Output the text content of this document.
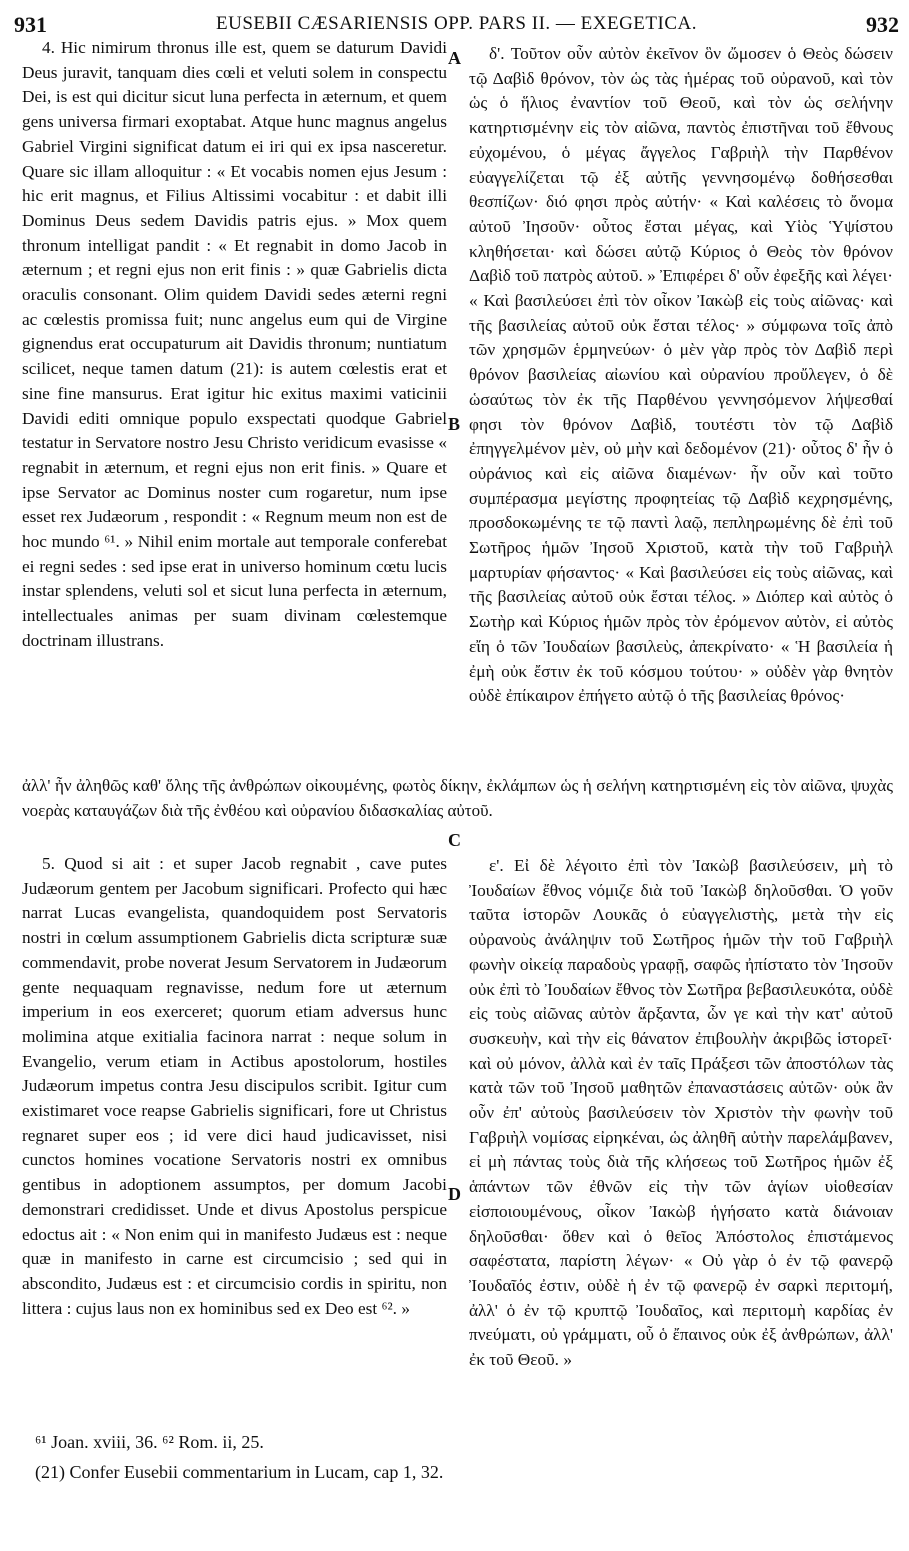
931	EUSEBII CÆSARIENSIS OPP. PARS II. — EXEGETICA.	932

4. Hic nimirum thronus ille est, quem se daturum Davidi Deus juravit, tanquam dies cœli et veluti solem in conspectu Dei, is est qui dicitur sicut luna perfecta in æternum, et quem gens universa firmari exoptabat. Atque hunc magnus angelus Gabriel Virgini significat datum ei iri qui ex ipsa nasceretur. Quare sic illam alloquitur : « Et vocabis nomen ejus Jesum : hic erit magnus, et Filius Altissimi vocabitur : et dabit illi Dominus Deus sedem Davidis patris ejus. » Mox quem thronum intelligat pandit : « Et regnabit in domo Jacob in æternum ; et regni ejus non erit finis : » quæ Gabrielis dicta oraculis consonant. Olim quidem Davidi sedes æterni regni ac cœlestis promissa fuit; nunc angelus eum qui de Virgine gignendus erat occupaturum ait Davidis thronum; nuntiatum scilicet, neque tamen datum (21): is autem cœlestis erat et sine fine mansurus. Erat igitur hic exitus maximi vaticinii Davidi editi omnique populo exspectati quodque Gabriel testatur in Servatore nostro Jesu Christo veridicum evasisse « regnabit in æternum, et regni ejus non erit finis. » Quare et ipse Servator ac Dominus noster cum rogaretur, num ipse esset rex Judæorum , respondit : « Regnum meum non est de hoc mundo ⁶¹. » Nihil enim mortale aut temporale conferebat ei regni sedes : sed ipse erat in universo hominum cœtu lucis instar splendens, veluti sol et sicut luna perfecta in æternum, intellectuales animas per suam divinam cœlestemque doctrinam illustrans.

δ'. Τοῦτον οὖν αὐτὸν ἐκεῖνον ὃν ὤμοσεν ὁ Θεὸς δώσειν τῷ Δαβὶδ θρόνον, τὸν ὡς τὰς ἡμέρας τοῦ οὐρανοῦ, καὶ τὸν ὡς ὁ ἥλιος ἐναντίον τοῦ Θεοῦ, καὶ τὸν ὡς σελήνην κατηρτισμένην εἰς τὸν αἰῶνα, παντὸς ἐπιστῆναι τοῦ ἔθνους εὐχομένου, ὁ μέγας ἄγγελος Γαβριὴλ τὴν Παρθένον εὐαγγελίζεται τῷ ἐξ αὐτῆς γεννησομένῳ δοθήσεσθαι θεσπίζων· διό φησι πρὸς αὐτήν· « Καὶ καλέσεις τὸ ὄνομα αὐτοῦ Ἰησοῦν· οὗτος ἔσται μέγας, καὶ Υἱὸς Ὑψίστου κληθήσεται· καὶ δώσει αὐτῷ Κύριος ὁ Θεὸς τὸν θρόνον Δαβὶδ τοῦ πατρὸς αὐτοῦ. » Ἐπιφέρει δ' οὖν ἐφεξῆς καὶ λέγει· « Καὶ βασιλεύσει ἐπὶ τὸν οἶκον Ἰακὼβ εἰς τοὺς αἰῶνας· καὶ τῆς βασιλείας αὐτοῦ οὐκ ἔσται τέλος· » σύμφωνα τοῖς ἀπὸ τῶν χρησμῶν ἑρμηνεύων· ὁ μὲν γὰρ πρὸς τὸν Δαβὶδ περὶ θρόνον βασιλείας αἰωνίου καὶ οὐρανίου προὔλεγεν, ὁ δὲ ὡσαύτως τὸν ἐκ τῆς Παρθένου γεννησόμενον λήψεσθαί φησι τὸν θρόνον Δαβὶδ, τουτέστι τὸν τῷ Δαβὶδ ἐπηγγελμένον μὲν, οὐ μὴν καὶ δεδομένον (21)· οὗτος δ' ἦν ὁ οὐράνιος καὶ εἰς αἰῶνα διαμένων· ἦν οὖν καὶ τοῦτο συμπέρασμα μεγίστης προφητείας τῷ Δαβὶδ κεχρησμένης, προσδοκωμένης τε τῷ παντὶ λαῷ, πεπληρωμένης δὲ ἐπὶ τοῦ Σωτῆρος ἡμῶν Ἰησοῦ Χριστοῦ, κατὰ τὴν τοῦ Γαβριὴλ μαρτυρίαν φήσαντος· « Καὶ βασιλεύσει εἰς τοὺς αἰῶνας, καὶ τῆς βασιλείας αὐτοῦ οὐκ ἔσται τέλος. » Διόπερ καὶ αὐτὸς ὁ Σωτὴρ καὶ Κύριος ἡμῶν πρὸς τὸν ἐρόμενον αὐτὸν, εἰ αὐτὸς εἴη ὁ τῶν Ἰουδαίων βασιλεὺς, ἀπεκρίνατο· « Ἡ βασιλεία ἡ ἐμὴ οὐκ ἔστιν ἐκ τοῦ κόσμου τούτου· » οὐδὲν γὰρ θνητὸν οὐδὲ ἐπίκαιρον ἐπήγετο αὐτῷ ὁ τῆς βασιλείας θρόνος·

A
B
C
D
ἀλλ' ἦν ἀληθῶς καθ' ὅλης τῆς ἀνθρώπων οἰκουμένης, φωτὸς δίκην, ἐκλάμπων ὡς ἡ σελήνη κατηρτισμένη εἰς τὸν αἰῶνα, ψυχὰς νοερὰς καταυγάζων διὰ τῆς ἐνθέου καὶ οὐρανίου διδασκαλίας αὐτοῦ.

5. Quod si ait : et super Jacob regnabit , cave putes Judæorum gentem per Jacobum significari. Profecto qui hæc narrat Lucas evangelista, quandoquidem post Servatoris nostri in cœlum assumptionem Gabrielis dicta scripturæ suæ commendavit, probe noverat Jesum Servatorem in Judæorum gente nequaquam regnavisse, nedum fore ut æternum imperium in eos exerceret; quorum etiam adversus hunc molimina atque exitialia facinora narrat : neque solum in Evangelio, verum etiam in Actibus apostolorum, hostiles Judæorum impetus contra Jesu discipulos scribit. Igitur cum existimaret voce reapse Gabrielis significari, fore ut Christus regnaret super eos ; id vere dici haud judicavisset, nisi cunctos homines vocatione Servatoris nostri ex omnibus gentibus in adoptionem assumptos, per domum Jacobi demonstrari credidisset. Unde et divus Apostolus perspicue edoctus ait : « Non enim qui in manifesto Judæus est : neque quæ in manifesto in carne est circumcisio ; sed qui in abscondito, Judæus est : et circumcisio cordis in spiritu, non littera : cujus laus non ex hominibus sed ex Deo est ⁶². »

ε'. Εἰ δὲ λέγοιτο ἐπὶ τὸν Ἰακὼβ βασιλεύσειν, μὴ τὸ Ἰουδαίων ἔθνος νόμιζε διὰ τοῦ Ἰακὼβ δηλοῦσθαι. Ὁ γοῦν ταῦτα ἱστορῶν Λουκᾶς ὁ εὐαγγελιστὴς, μετὰ τὴν εἰς οὐρανοὺς ἀνάληψιν τοῦ Σωτῆρος ἡμῶν τὴν τοῦ Γαβριὴλ φωνὴν οἰκείᾳ παραδοὺς γραφῇ, σαφῶς ἠπίστατο τὸν Ἰησοῦν οὐκ ἐπὶ τὸ Ἰουδαίων ἔθνος τὸν Σωτῆρα βεβασιλευκότα, οὐδὲ εἰς τοὺς αἰῶνας αὐτὸν ἄρξαντα, ὧν γε καὶ τὴν κατ' αὐτοῦ συσκευὴν, καὶ τὴν εἰς θάνατον ἐπιβουλὴν ἀκριβῶς ἱστορεῖ· καὶ οὐ μόνον, ἀλλὰ καὶ ἐν ταῖς Πράξεσι τῶν ἀποστόλων τὰς κατὰ τῶν τοῦ Ἰησοῦ μαθητῶν ἐπαναστάσεις αὐτῶν· οὐκ ἂν οὖν ἐπ' αὐτοὺς βασιλεύσειν τὸν Χριστὸν τὴν φωνὴν τοῦ Γαβριὴλ νομίσας εἰρηκέναι, ὡς ἀληθῆ αὐτὴν παρελάμβανεν, εἰ μὴ πάντας τοὺς διὰ τῆς κλήσεως τοῦ Σωτῆρος ἡμῶν ἐξ ἁπάντων τῶν ἐθνῶν εἰς τὴν τῶν ἁγίων υἱοθεσίαν εἰσποιουμένους, οἶκον Ἰακὼβ ἡγήσατο κατὰ διάνοιαν δηλοῦσθαι· ὅθεν καὶ ὁ θεῖος Ἀπόστολος ἐπιστάμενος σαφέστατα, παρίστη λέγων· « Οὐ γὰρ ὁ ἐν τῷ φανερῷ Ἰουδαῖός ἐστιν, οὐδὲ ἡ ἐν τῷ φανερῷ ἐν σαρκὶ περιτομή, ἀλλ' ὁ ἐν τῷ κρυπτῷ Ἰουδαῖος, καὶ περιτομὴ καρδίας ἐν πνεύματι, οὐ γράμματι, οὗ ὁ ἔπαινος οὐκ ἐξ ἀνθρώπων, ἀλλ' ἐκ τοῦ Θεοῦ. »

⁶¹ Joan. xviii, 36. ⁶² Rom. ii, 25.
(21) Confer Eusebii commentarium in Lucam, cap 1, 32.
